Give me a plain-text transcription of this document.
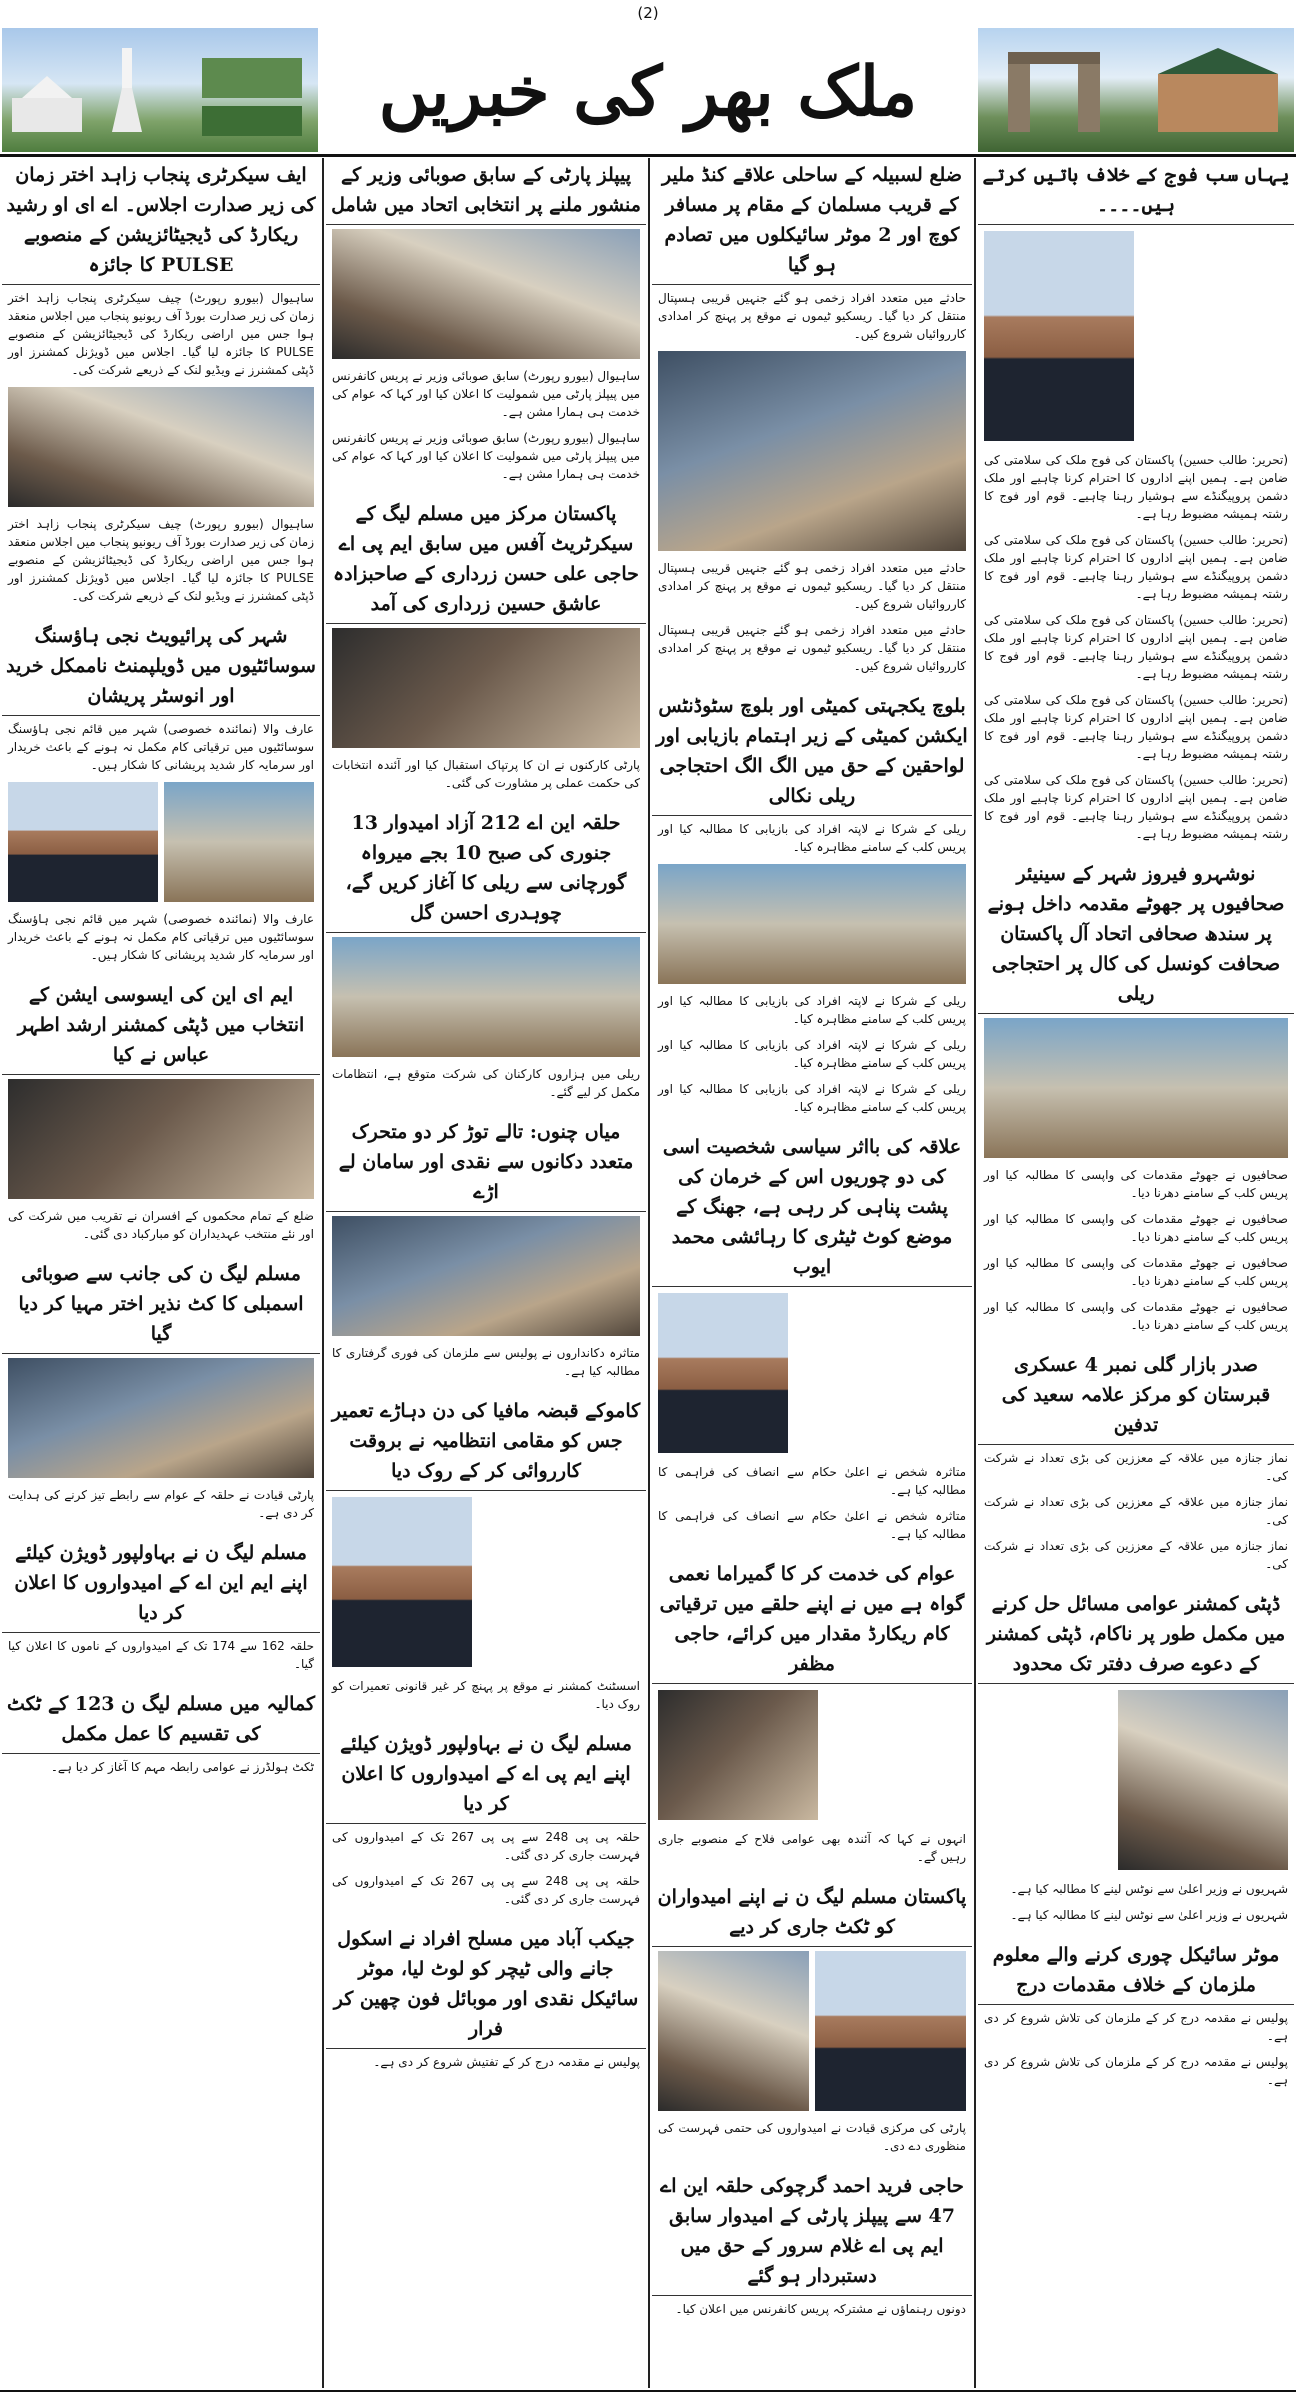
(2)
ملک بھر کی خبریں
یہاں سب فوج کے خلاف باتیں کرتے ہیں۔۔۔۔
(تحریر: طالب حسین) پاکستان کی فوج ملک کی سلامتی کی ضامن ہے۔ ہمیں اپنے اداروں کا احترام کرنا چاہیے اور ملک دشمن پروپیگنڈے سے ہوشیار رہنا چاہیے۔ قوم اور فوج کا رشتہ ہمیشہ مضبوط رہا ہے۔
(تحریر: طالب حسین) پاکستان کی فوج ملک کی سلامتی کی ضامن ہے۔ ہمیں اپنے اداروں کا احترام کرنا چاہیے اور ملک دشمن پروپیگنڈے سے ہوشیار رہنا چاہیے۔ قوم اور فوج کا رشتہ ہمیشہ مضبوط رہا ہے۔
(تحریر: طالب حسین) پاکستان کی فوج ملک کی سلامتی کی ضامن ہے۔ ہمیں اپنے اداروں کا احترام کرنا چاہیے اور ملک دشمن پروپیگنڈے سے ہوشیار رہنا چاہیے۔ قوم اور فوج کا رشتہ ہمیشہ مضبوط رہا ہے۔
(تحریر: طالب حسین) پاکستان کی فوج ملک کی سلامتی کی ضامن ہے۔ ہمیں اپنے اداروں کا احترام کرنا چاہیے اور ملک دشمن پروپیگنڈے سے ہوشیار رہنا چاہیے۔ قوم اور فوج کا رشتہ ہمیشہ مضبوط رہا ہے۔
(تحریر: طالب حسین) پاکستان کی فوج ملک کی سلامتی کی ضامن ہے۔ ہمیں اپنے اداروں کا احترام کرنا چاہیے اور ملک دشمن پروپیگنڈے سے ہوشیار رہنا چاہیے۔ قوم اور فوج کا رشتہ ہمیشہ مضبوط رہا ہے۔
نوشہرو فیروز شہر کے سینیئر صحافیوں پر جھوٹے مقدمہ داخل ہونے پر سندھ صحافی اتحاد آل پاکستان صحافت کونسل کی کال پر احتجاجی ریلی
صحافیوں نے جھوٹے مقدمات کی واپسی کا مطالبہ کیا اور پریس کلب کے سامنے دھرنا دیا۔
صحافیوں نے جھوٹے مقدمات کی واپسی کا مطالبہ کیا اور پریس کلب کے سامنے دھرنا دیا۔
صحافیوں نے جھوٹے مقدمات کی واپسی کا مطالبہ کیا اور پریس کلب کے سامنے دھرنا دیا۔
صحافیوں نے جھوٹے مقدمات کی واپسی کا مطالبہ کیا اور پریس کلب کے سامنے دھرنا دیا۔
صدر بازار گلی نمبر 4 عسکری قبرستان کو مرکز علامہ سعید کی تدفین
نماز جنازہ میں علاقہ کے معززین کی بڑی تعداد نے شرکت کی۔
نماز جنازہ میں علاقہ کے معززین کی بڑی تعداد نے شرکت کی۔
نماز جنازہ میں علاقہ کے معززین کی بڑی تعداد نے شرکت کی۔
ڈپٹی کمشنر عوامی مسائل حل کرنے میں مکمل طور پر ناکام، ڈپٹی کمشنر کے دعوے صرف دفتر تک محدود
شہریوں نے وزیر اعلیٰ سے نوٹس لینے کا مطالبہ کیا ہے۔
شہریوں نے وزیر اعلیٰ سے نوٹس لینے کا مطالبہ کیا ہے۔
موٹر سائیکل چوری کرنے والے معلوم ملزمان کے خلاف مقدمات درج
پولیس نے مقدمہ درج کر کے ملزمان کی تلاش شروع کر دی ہے۔
پولیس نے مقدمہ درج کر کے ملزمان کی تلاش شروع کر دی ہے۔
ضلع لسبیلہ کے ساحلی علاقے کنڈ ملیر کے قریب مسلمان کے مقام پر مسافر کوچ اور 2 موٹر سائیکلوں میں تصادم ہو گیا
حادثے میں متعدد افراد زخمی ہو گئے جنہیں قریبی ہسپتال منتقل کر دیا گیا۔ ریسکیو ٹیموں نے موقع پر پہنچ کر امدادی کارروائیاں شروع کیں۔
حادثے میں متعدد افراد زخمی ہو گئے جنہیں قریبی ہسپتال منتقل کر دیا گیا۔ ریسکیو ٹیموں نے موقع پر پہنچ کر امدادی کارروائیاں شروع کیں۔
حادثے میں متعدد افراد زخمی ہو گئے جنہیں قریبی ہسپتال منتقل کر دیا گیا۔ ریسکیو ٹیموں نے موقع پر پہنچ کر امدادی کارروائیاں شروع کیں۔
بلوچ یکجہتی کمیٹی اور بلوچ سٹوڈنٹس ایکشن کمیٹی کے زیر اہتمام بازیابی اور لواحقین کے حق میں الگ الگ احتجاجی ریلی نکالی
ریلی کے شرکا نے لاپتہ افراد کی بازیابی کا مطالبہ کیا اور پریس کلب کے سامنے مظاہرہ کیا۔
ریلی کے شرکا نے لاپتہ افراد کی بازیابی کا مطالبہ کیا اور پریس کلب کے سامنے مظاہرہ کیا۔
ریلی کے شرکا نے لاپتہ افراد کی بازیابی کا مطالبہ کیا اور پریس کلب کے سامنے مظاہرہ کیا۔
ریلی کے شرکا نے لاپتہ افراد کی بازیابی کا مطالبہ کیا اور پریس کلب کے سامنے مظاہرہ کیا۔
علاقہ کی بااثر سیاسی شخصیت اسی کی دو چوریوں اس کے خرمان کی پشت پناہی کر رہی ہے، جھنگ کے موضع کوٹ ٹیٹری کا رہائشی محمد ایوب
متاثرہ شخص نے اعلیٰ حکام سے انصاف کی فراہمی کا مطالبہ کیا ہے۔
متاثرہ شخص نے اعلیٰ حکام سے انصاف کی فراہمی کا مطالبہ کیا ہے۔
عوام کی خدمت کر کا گمیراما نعمی گواہ ہے میں نے اپنے حلقے میں ترقیاتی کام ریکارڈ مقدار میں کرائے، حاجی مظفر
انہوں نے کہا کہ آئندہ بھی عوامی فلاح کے منصوبے جاری رہیں گے۔
پاکستان مسلم لیگ ن نے اپنے امیدواران کو ٹکٹ جاری کر دیے
پارٹی کی مرکزی قیادت نے امیدواروں کی حتمی فہرست کی منظوری دے دی۔
حاجی فرید احمد گرچوکی حلقہ این اے 47 سے پیپلز پارٹی کے امیدوار سابق ایم پی اے غلام سرور کے حق میں دستبردار ہو گئے
دونوں رہنماؤں نے مشترکہ پریس کانفرنس میں اعلان کیا۔
پیپلز پارٹی کے سابق صوبائی وزیر کے منشور ملنے پر انتخابی اتحاد میں شامل
ساہیوال (بیورو رپورٹ) سابق صوبائی وزیر نے پریس کانفرنس میں پیپلز پارٹی میں شمولیت کا اعلان کیا اور کہا کہ عوام کی خدمت ہی ہمارا مشن ہے۔
ساہیوال (بیورو رپورٹ) سابق صوبائی وزیر نے پریس کانفرنس میں پیپلز پارٹی میں شمولیت کا اعلان کیا اور کہا کہ عوام کی خدمت ہی ہمارا مشن ہے۔
پاکستان مرکز میں مسلم لیگ کے سیکرٹریٹ آفس میں سابق ایم پی اے حاجی علی حسن زرداری کے صاحبزادہ عاشق حسین زرداری کی آمد
پارٹی کارکنوں نے ان کا پرتپاک استقبال کیا اور آئندہ انتخابات کی حکمت عملی پر مشاورت کی گئی۔
حلقہ این اے 212 آزاد امیدوار 13 جنوری کی صبح 10 بجے میرواہ گورچانی سے ریلی کا آغاز کریں گے، چوہدری احسن گل
ریلی میں ہزاروں کارکنان کی شرکت متوقع ہے، انتظامات مکمل کر لیے گئے۔
میاں چنوں: تالے توڑ کر دو متحرک متعدد دکانوں سے نقدی اور سامان لے اڑے
متاثرہ دکانداروں نے پولیس سے ملزمان کی فوری گرفتاری کا مطالبہ کیا ہے۔
کاموکے قبضہ مافیا کی دن دہاڑے تعمیر جس کو مقامی انتظامیہ نے بروقت کارروائی کر کے روک دیا
اسسٹنٹ کمشنر نے موقع پر پہنچ کر غیر قانونی تعمیرات کو روک دیا۔
مسلم لیگ ن نے بہاولپور ڈویژن کیلئے اپنے ایم پی اے کے امیدواروں کا اعلان کر دیا
حلقہ پی پی 248 سے پی پی 267 تک کے امیدواروں کی فہرست جاری کر دی گئی۔
حلقہ پی پی 248 سے پی پی 267 تک کے امیدواروں کی فہرست جاری کر دی گئی۔
جیکب آباد میں مسلح افراد نے اسکول جانے والی ٹیچر کو لوٹ لیا، موٹر سائیکل نقدی اور موبائل فون چھین کر فرار
پولیس نے مقدمہ درج کر کے تفتیش شروع کر دی ہے۔
ایف سیکرٹری پنجاب زاہد اختر زمان کی زیر صدارت اجلاس۔ اے ای او رشید ریکارڈ کی ڈیجیٹائزیشن کے منصوبے PULSE کا جائزہ
ساہیوال (بیورو رپورٹ) چیف سیکرٹری پنجاب زاہد اختر زمان کی زیر صدارت بورڈ آف ریونیو پنجاب میں اجلاس منعقد ہوا جس میں اراضی ریکارڈ کی ڈیجیٹائزیشن کے منصوبے PULSE کا جائزہ لیا گیا۔ اجلاس میں ڈویژنل کمشنرز اور ڈپٹی کمشنرز نے ویڈیو لنک کے ذریعے شرکت کی۔
ساہیوال (بیورو رپورٹ) چیف سیکرٹری پنجاب زاہد اختر زمان کی زیر صدارت بورڈ آف ریونیو پنجاب میں اجلاس منعقد ہوا جس میں اراضی ریکارڈ کی ڈیجیٹائزیشن کے منصوبے PULSE کا جائزہ لیا گیا۔ اجلاس میں ڈویژنل کمشنرز اور ڈپٹی کمشنرز نے ویڈیو لنک کے ذریعے شرکت کی۔
شہر کی پرائیویٹ نجی ہاؤسنگ سوسائٹیوں میں ڈویلپمنٹ ناممکل خرید اور انوسٹر پریشان
عارف والا (نمائندہ خصوصی) شہر میں قائم نجی ہاؤسنگ سوسائٹیوں میں ترقیاتی کام مکمل نہ ہونے کے باعث خریدار اور سرمایہ کار شدید پریشانی کا شکار ہیں۔
عارف والا (نمائندہ خصوصی) شہر میں قائم نجی ہاؤسنگ سوسائٹیوں میں ترقیاتی کام مکمل نہ ہونے کے باعث خریدار اور سرمایہ کار شدید پریشانی کا شکار ہیں۔
ایم ای این کی ایسوسی ایشن کے انتخاب میں ڈپٹی کمشنر ارشد اطہر عباس نے کیا
ضلع کے تمام محکموں کے افسران نے تقریب میں شرکت کی اور نئے منتخب عہدیداران کو مبارکباد دی گئی۔
مسلم لیگ ن کی جانب سے صوبائی اسمبلی کا کٹ نذیر اختر مہیا کر دیا گیا
پارٹی قیادت نے حلقہ کے عوام سے رابطے تیز کرنے کی ہدایت کر دی ہے۔
مسلم لیگ ن نے بہاولپور ڈویژن کیلئے اپنے ایم این اے کے امیدواروں کا اعلان کر دیا
حلقہ 162 سے 174 تک کے امیدواروں کے ناموں کا اعلان کیا گیا۔
کمالیہ میں مسلم لیگ ن 123 کے ٹکٹ کی تقسیم کا عمل مکمل
ٹکٹ ہولڈرز نے عوامی رابطہ مہم کا آغاز کر دیا ہے۔
